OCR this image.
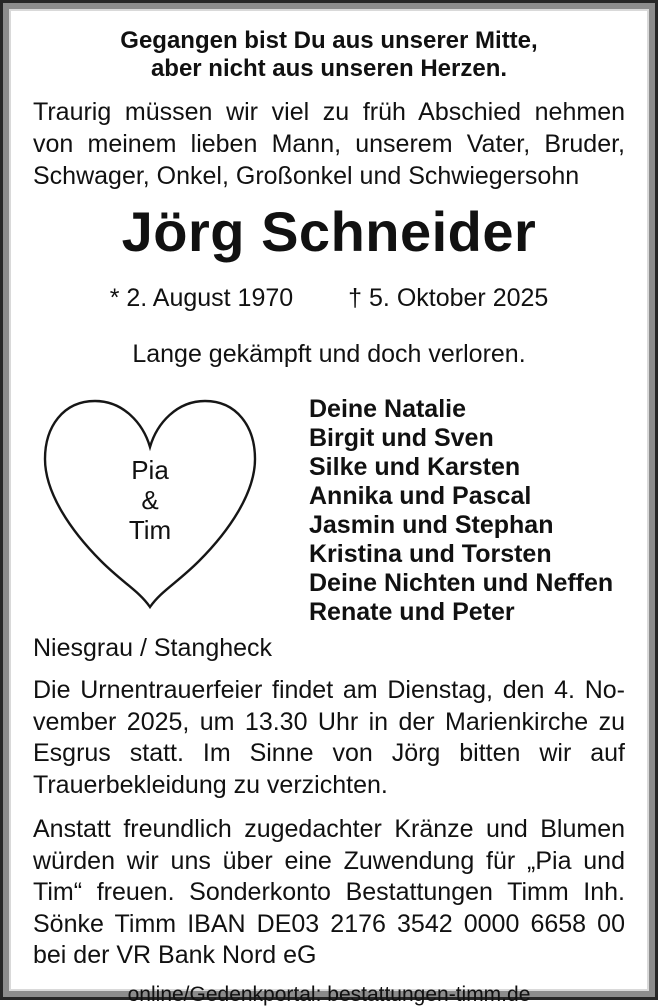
Gegangen bist Du aus unserer Mitte,
aber nicht aus unseren Herzen.
Traurig müssen wir viel zu früh Abschied nehmen von meinem lieben Mann, unserem Vater, Bruder, Schwager, Onkel, Großonkel und Schwiegersohn
Jörg Schneider
* 2. August 1970 † 5. Oktober 2025
Lange gekämpft und doch verloren.
Pia
&
Tim
Deine Natalie
Birgit und Sven
Silke und Karsten
Annika und Pascal
Jasmin und Stephan
Kristina und Torsten
Deine Nichten und Neffen
Renate und Peter
Niesgrau / Stangheck
Die Urnentrauerfeier findet am Dienstag, den 4. November 2025, um 13.30 Uhr in der Marienkirche zu Esgrus statt. Im Sinne von Jörg bitten wir auf Trauerbekleidung zu verzichten.
Anstatt freundlich zugedachter Kränze und Blumen würden wir uns über eine Zuwendung für „Pia und Tim“ freuen. Sonderkonto Bestattungen Timm Inh. Sönke Timm IBAN DE03 2176 3542 0000 6658 00 bei der VR Bank Nord eG
online/Gedenkportal: bestattungen-timm.de
